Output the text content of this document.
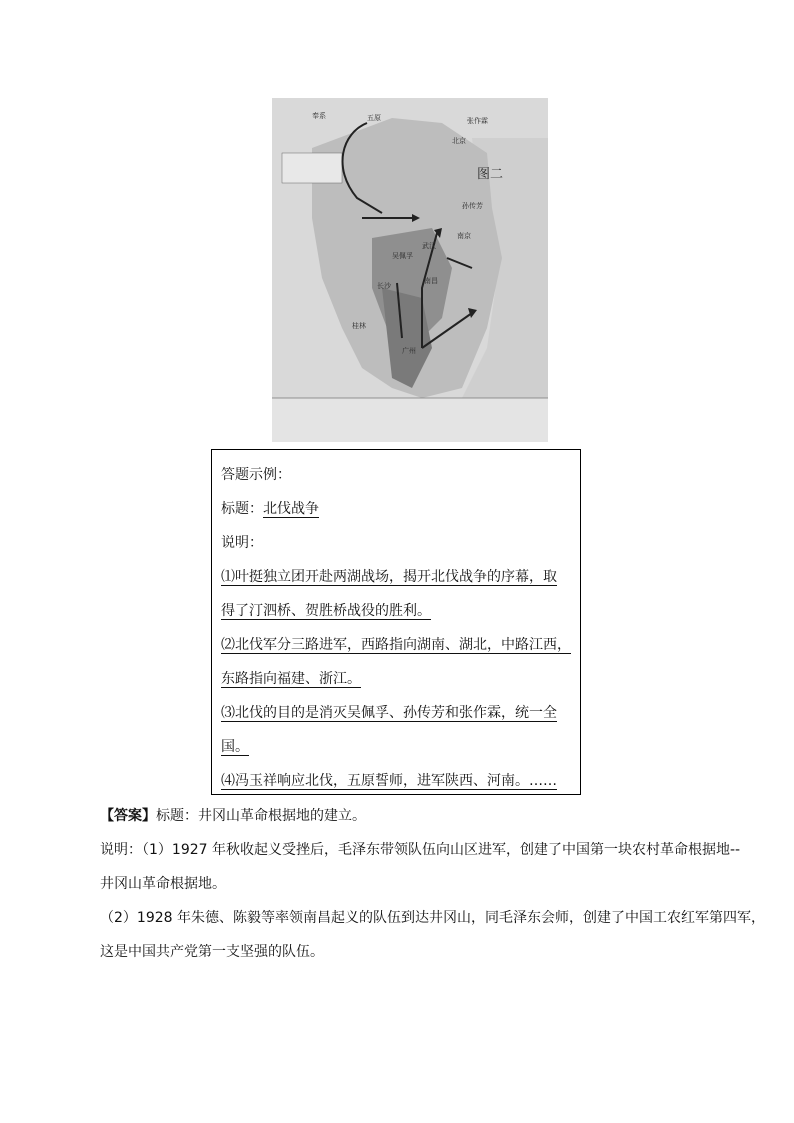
图二
北京
五原
吴佩孚
武汉
南京
长沙
南昌
广州
桂林
孙传芳
张作霖
奉系
答题示例：
标题：北伐战争
说明：
⑴叶挺独立团开赴两湖战场，揭开北伐战争的序幕，取
得了汀泗桥、贺胜桥战役的胜利。
⑵北伐军分三路进军，西路指向湖南、湖北，中路江西，
东路指向福建、浙江。
⑶北伐的目的是消灭吴佩孚、孙传芳和张作霖，统一全
国。
⑷冯玉祥响应北伐，五原誓师，进军陕西、河南。……
【答案】标题：井冈山革命根据地的建立。
说明：（1）1927 年秋收起义受挫后，毛泽东带领队伍向山区进军，创建了中国第一块农村革命根据地--
井冈山革命根据地。
（2）1928 年朱德、陈毅等率领南昌起义的队伍到达井冈山，同毛泽东会师，创建了中国工农红军第四军，
这是中国共产党第一支坚强的队伍。
